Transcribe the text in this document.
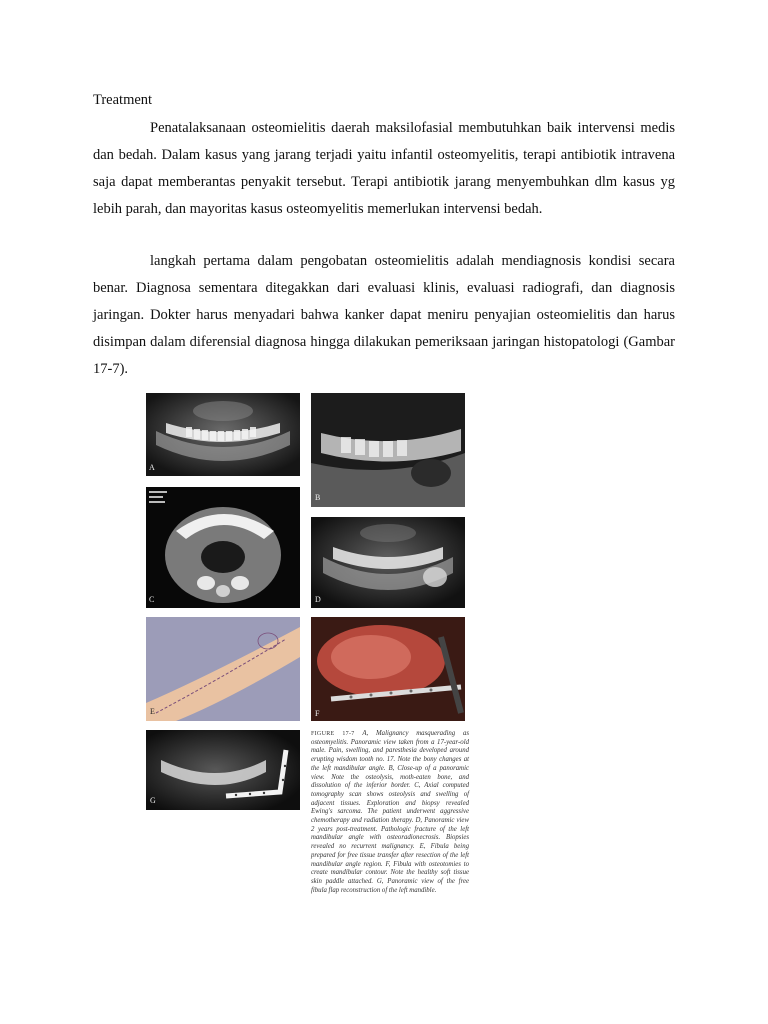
Treatment

Penatalaksanaan osteomielitis daerah maksilofasial membutuhkan baik intervensi medis dan bedah. Dalam kasus yang jarang terjadi yaitu infantil osteomyelitis, terapi antibiotik intravena saja dapat memberantas penyakit tersebut. Terapi antibiotik jarang menyembuhkan dlm kasus yg lebih parah, dan mayoritas kasus osteomyelitis memerlukan intervensi bedah.

langkah pertama dalam pengobatan osteomielitis adalah mendiagnosis kondisi secara benar. Diagnosa sementara ditegakkan dari evaluasi klinis, evaluasi radiografi, dan diagnosis jaringan. Dokter harus menyadari bahwa kanker dapat meniru penyajian osteomielitis dan harus disimpan dalam diferensial diagnosa hingga dilakukan pemeriksaan jaringan histopatologi (Gambar 17-7).

A
B
C	D
E	F
G

FIGURE 17-7 A, Malignancy masquerading as osteomyelitis. Panoramic view taken from a 17-year-old male. Pain, swelling, and paresthesia developed around erupting wisdom tooth no. 17. Note the bony changes at the left mandibular angle. B, Close-up of a panoramic view. Note the osteolysis, moth-eaten bone, and dissolution of the inferior border. C, Axial computed tomography scan shows osteolysis and swelling of adjacent tissues. Exploration and biopsy revealed Ewing's sarcoma. The patient underwent aggressive chemotherapy and radiation therapy. D, Panoramic view 2 years post-treatment. Pathologic fracture of the left mandibular angle with osteoradionecrosis. Biopsies revealed no recurrent malignancy. E, Fibula being prepared for free tissue transfer after resection of the left mandibular angle region. F, Fibula with osteotomies to create mandibular contour. Note the healthy soft tissue skin paddle attached. G, Panoramic view of the free fibula flap reconstruction of the left mandible.
